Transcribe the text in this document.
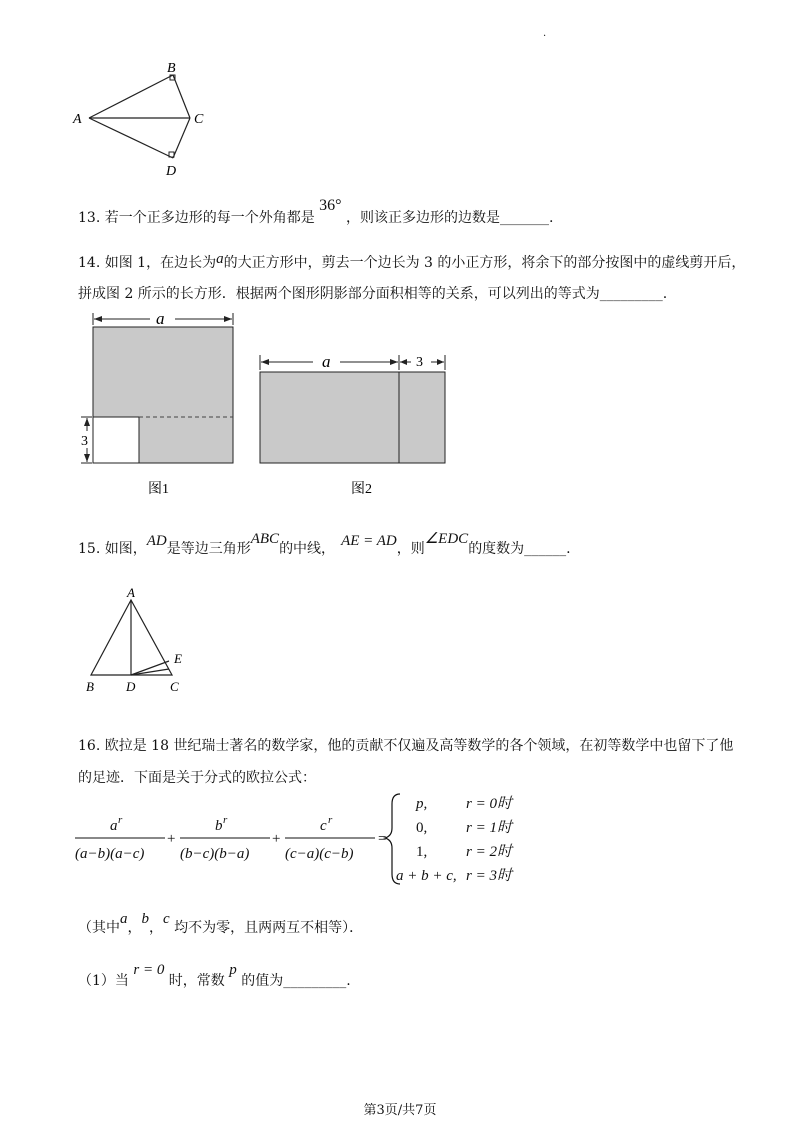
.
B
A	C
D
13. 若一个正多边形的每一个外角都是 36° ，则该正多边形的边数是_______.
14. 如图 1，在边长为a的大正方形中，剪去一个边长为 3 的小正方形，将余下的部分按图中的虚线剪开后，
拼成图 2 所示的长方形．根据两个图形阴影部分面积相等的关系，可以列出的等式为_________.
a
3
图1
a	3
图2
15. 如图，AD是等边三角形ABC的中线， AE = AD，则∠EDC的度数为______.
A
B D	C
E
16. 欧拉是 18 世纪瑞士著名的数学家，他的贡献不仅遍及高等数学的各个领域，在初等数学中也留下了他
的足迹．下面是关于分式的欧拉公式：
a r
(a−b)(a−c)
+
b r
(b−c)(b−a)
+
c r
(c−a)(c−b)
=
p,	r = 0时
0,	r = 1时
1,	r = 2时
a + b + c, r = 3时
（其中a，b，c 均不为零，且两两互不相等）．
（1）当 r = 0 时，常数 p 的值为_________.
第3页/共7页
